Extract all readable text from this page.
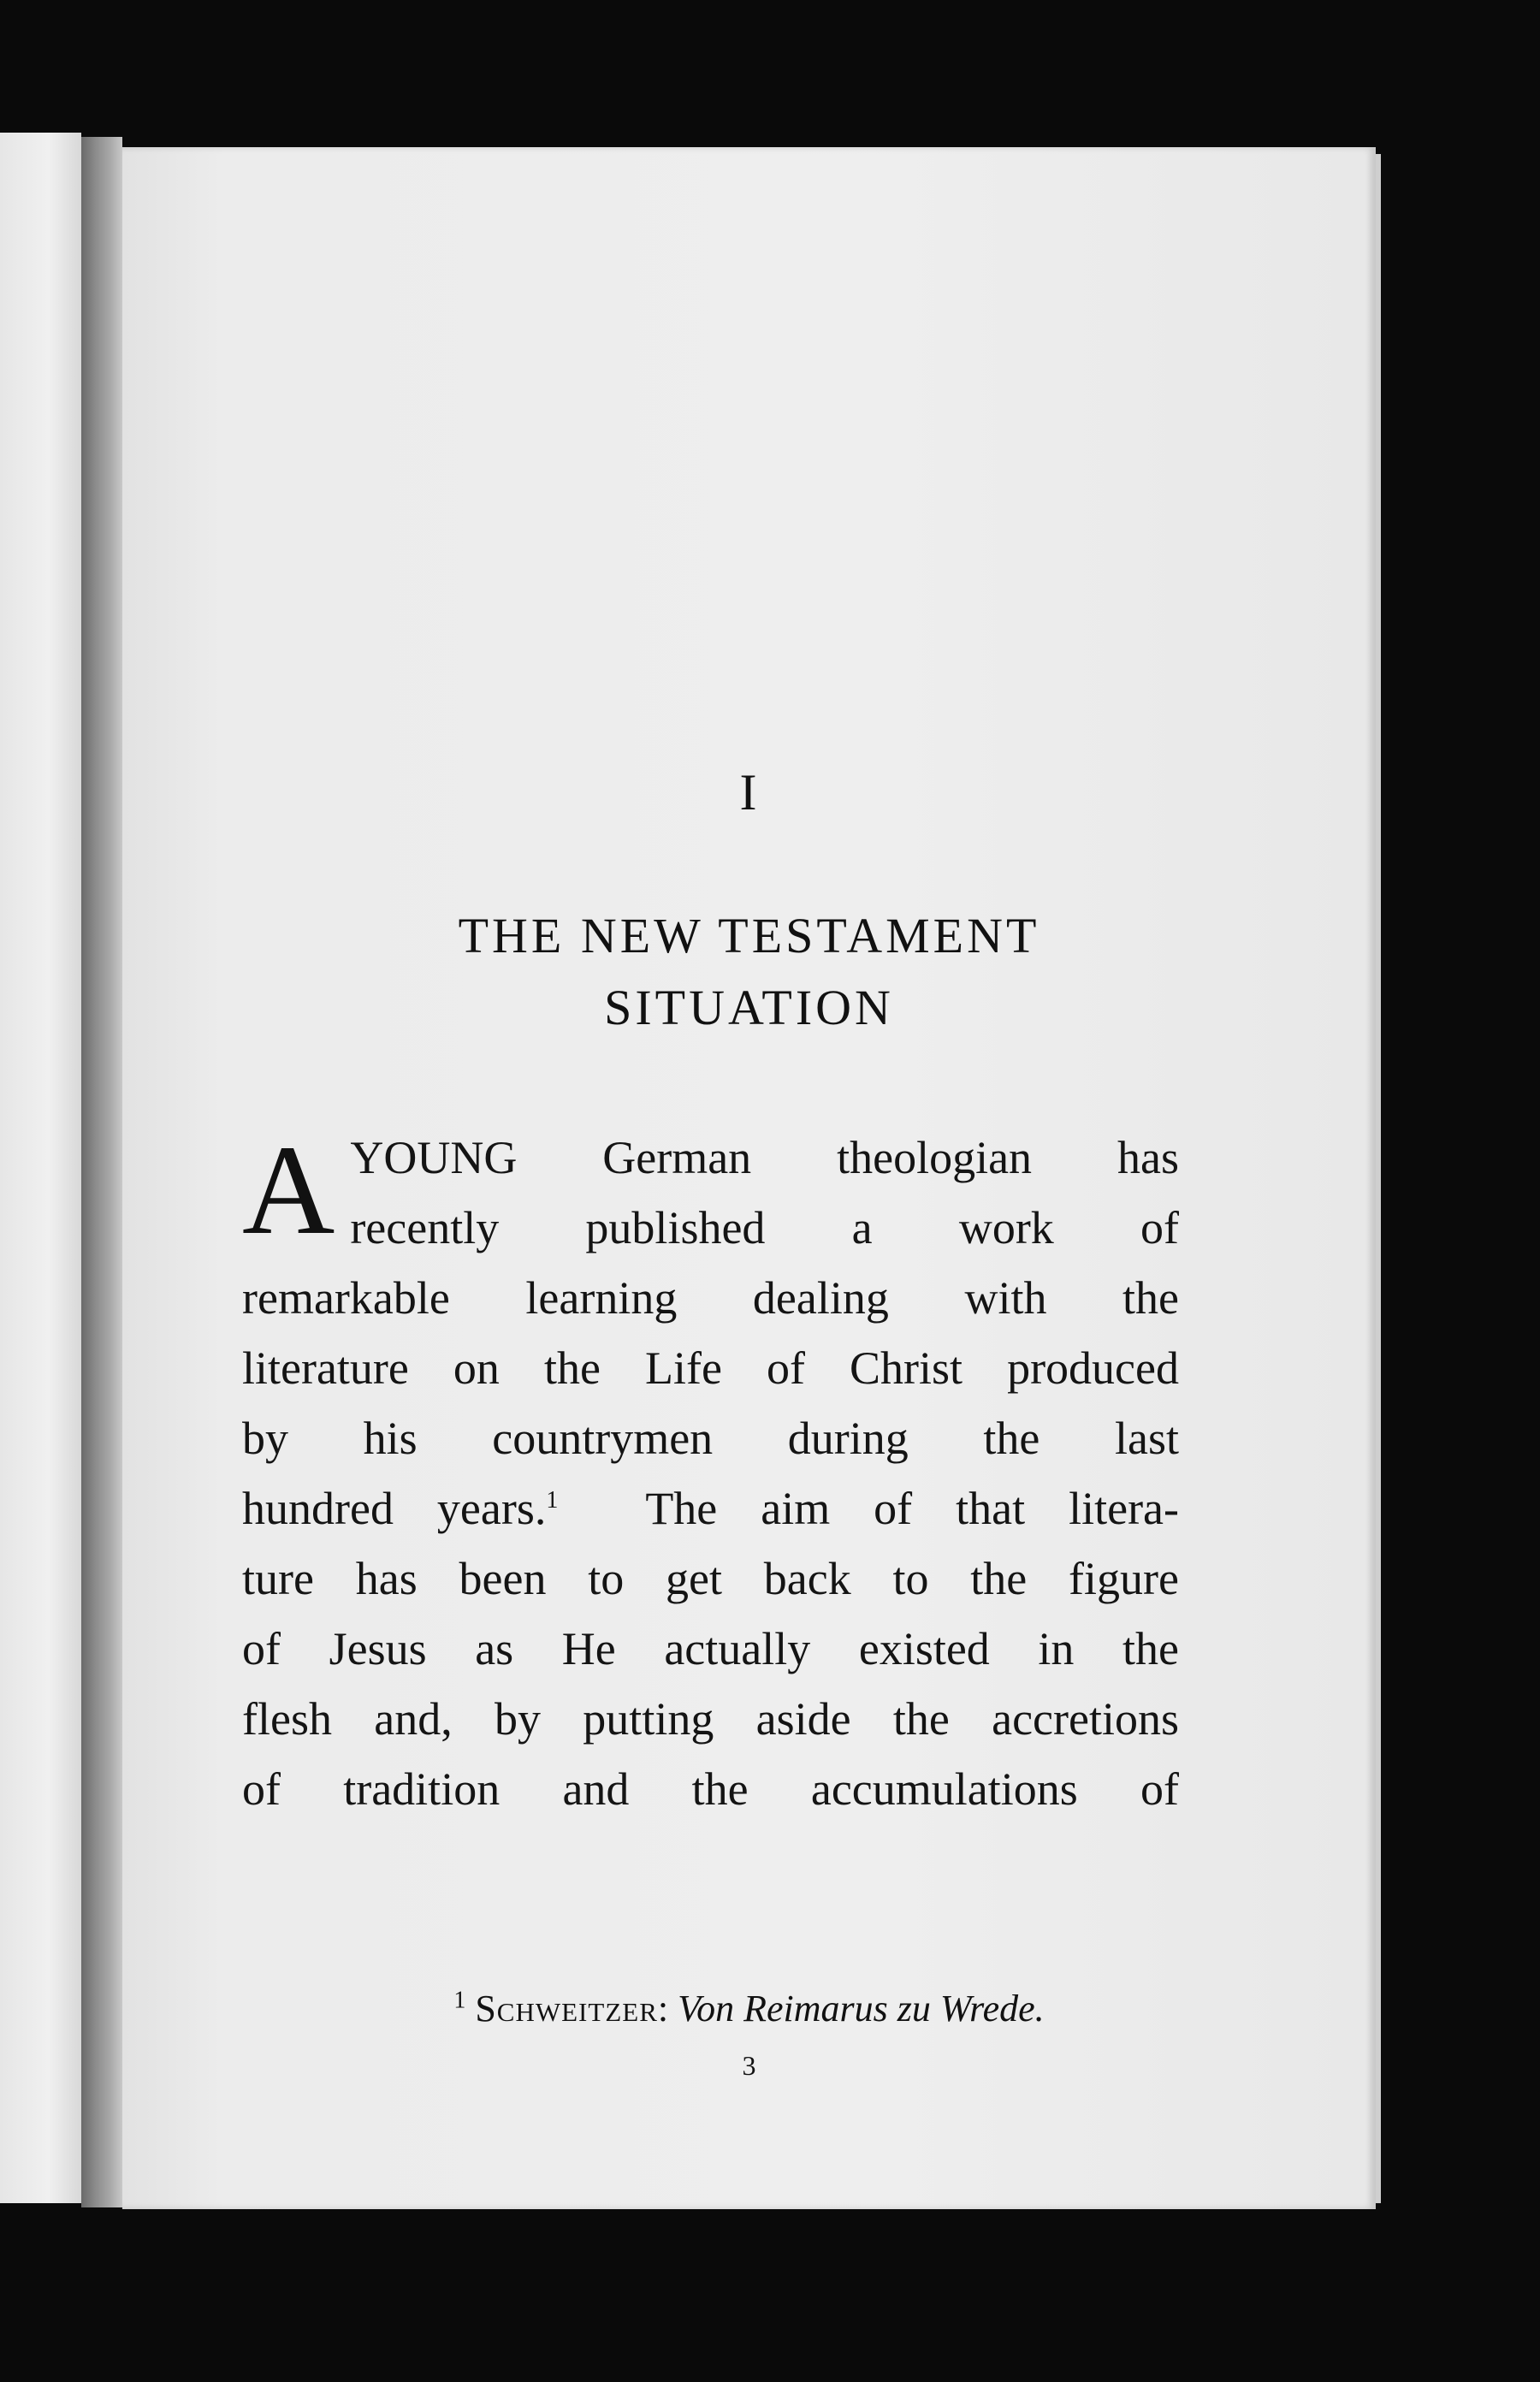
I
THE NEW TESTAMENT
SITUATION
A YOUNG German theologian has
recently published a work of
remarkable learning dealing with the
literature on the Life of Christ produced
by his countrymen during the last
hundred years.$^1$ The aim of that litera-
ture has been to get back to the figure
of Jesus as He actually existed in the
flesh and, by putting aside the accretions
of tradition and the accumulations of
$^1$ Schweitzer: Von Reimarus zu Wrede.
3
